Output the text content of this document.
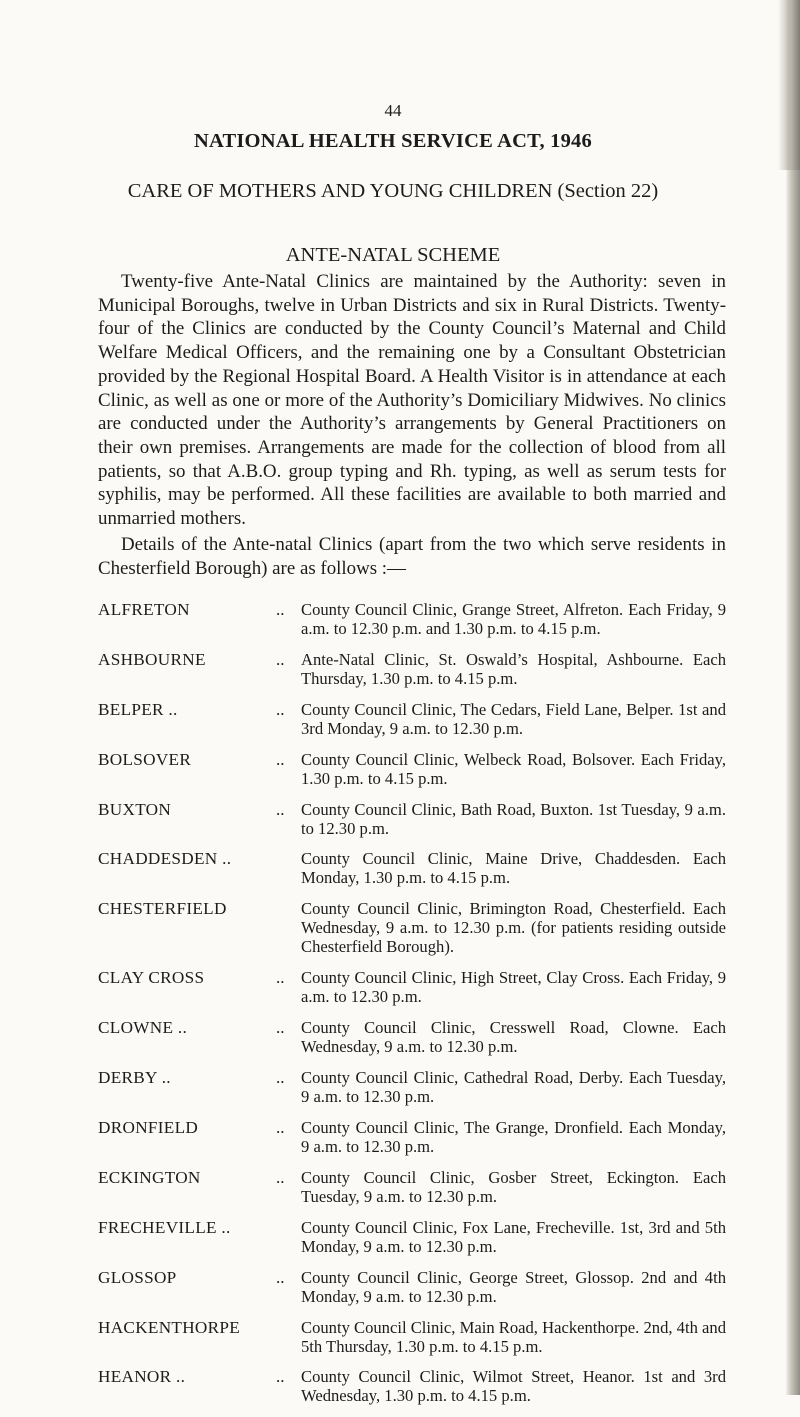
44
NATIONAL HEALTH SERVICE ACT, 1946
CARE OF MOTHERS AND YOUNG CHILDREN (Section 22)
ANTE-NATAL SCHEME

Twenty-five Ante-Natal Clinics are maintained by the Authority: seven in Municipal Boroughs, twelve in Urban Districts and six in Rural Districts. Twenty-four of the Clinics are conducted by the County Council’s Maternal and Child Welfare Medical Officers, and the remaining one by a Consultant Obstetrician provided by the Regional Hospital Board. A Health Visitor is in attendance at each Clinic, as well as one or more of the Authority’s Domiciliary Midwives. No clinics are conducted under the Authority’s arrangements by General Practitioners on their own premises. Arrangements are made for the collection of blood from all patients, so that A.B.O. group typing and Rh. typing, as well as serum tests for syphilis, may be performed. All these facilities are available to both married and unmarried mothers.

Details of the Ante-natal Clinics (apart from the two which serve residents in Chesterfield Borough) are as follows :—

ALFRETON	.. County Council Clinic, Grange Street, Alfreton. Each Friday, 9 a.m. to 12.30 p.m. and 1.30 p.m. to 4.15 p.m.
ASHBOURNE	.. Ante-Natal Clinic, St. Oswald’s Hospital, Ashbourne. Each Thursday, 1.30 p.m. to 4.15 p.m.
BELPER ..	.. County Council Clinic, The Cedars, Field Lane, Belper. 1st and 3rd Monday, 9 a.m. to 12.30 p.m.
BOLSOVER	.. County Council Clinic, Welbeck Road, Bolsover. Each Friday, 1.30 p.m. to 4.15 p.m.
BUXTON	.. County Council Clinic, Bath Road, Buxton. 1st Tuesday, 9 a.m. to 12.30 p.m.
CHADDESDEN ..	County Council Clinic, Maine Drive, Chaddesden. Each Monday, 1.30 p.m. to 4.15 p.m.
CHESTERFIELD	County Council Clinic, Brimington Road, Chesterfield. Each Wednesday, 9 a.m. to 12.30 p.m. (for patients residing outside Chesterfield Borough).
CLAY CROSS	.. County Council Clinic, High Street, Clay Cross. Each Friday, 9 a.m. to 12.30 p.m.
CLOWNE ..	.. County Council Clinic, Cresswell Road, Clowne. Each Wednesday, 9 a.m. to 12.30 p.m.
DERBY ..	.. County Council Clinic, Cathedral Road, Derby. Each Tuesday, 9 a.m. to 12.30 p.m.
DRONFIELD	.. County Council Clinic, The Grange, Dronfield. Each Monday, 9 a.m. to 12.30 p.m.
ECKINGTON	.. County Council Clinic, Gosber Street, Eckington. Each Tuesday, 9 a.m. to 12.30 p.m.
FRECHEVILLE ..	County Council Clinic, Fox Lane, Frecheville. 1st, 3rd and 5th Monday, 9 a.m. to 12.30 p.m.
GLOSSOP	.. County Council Clinic, George Street, Glossop. 2nd and 4th Monday, 9 a.m. to 12.30 p.m.
HACKENTHORPE	County Council Clinic, Main Road, Hackenthorpe. 2nd, 4th and 5th Thursday, 1.30 p.m. to 4.15 p.m.
HEANOR ..	.. County Council Clinic, Wilmot Street, Heanor. 1st and 3rd Wednesday, 1.30 p.m. to 4.15 p.m.
